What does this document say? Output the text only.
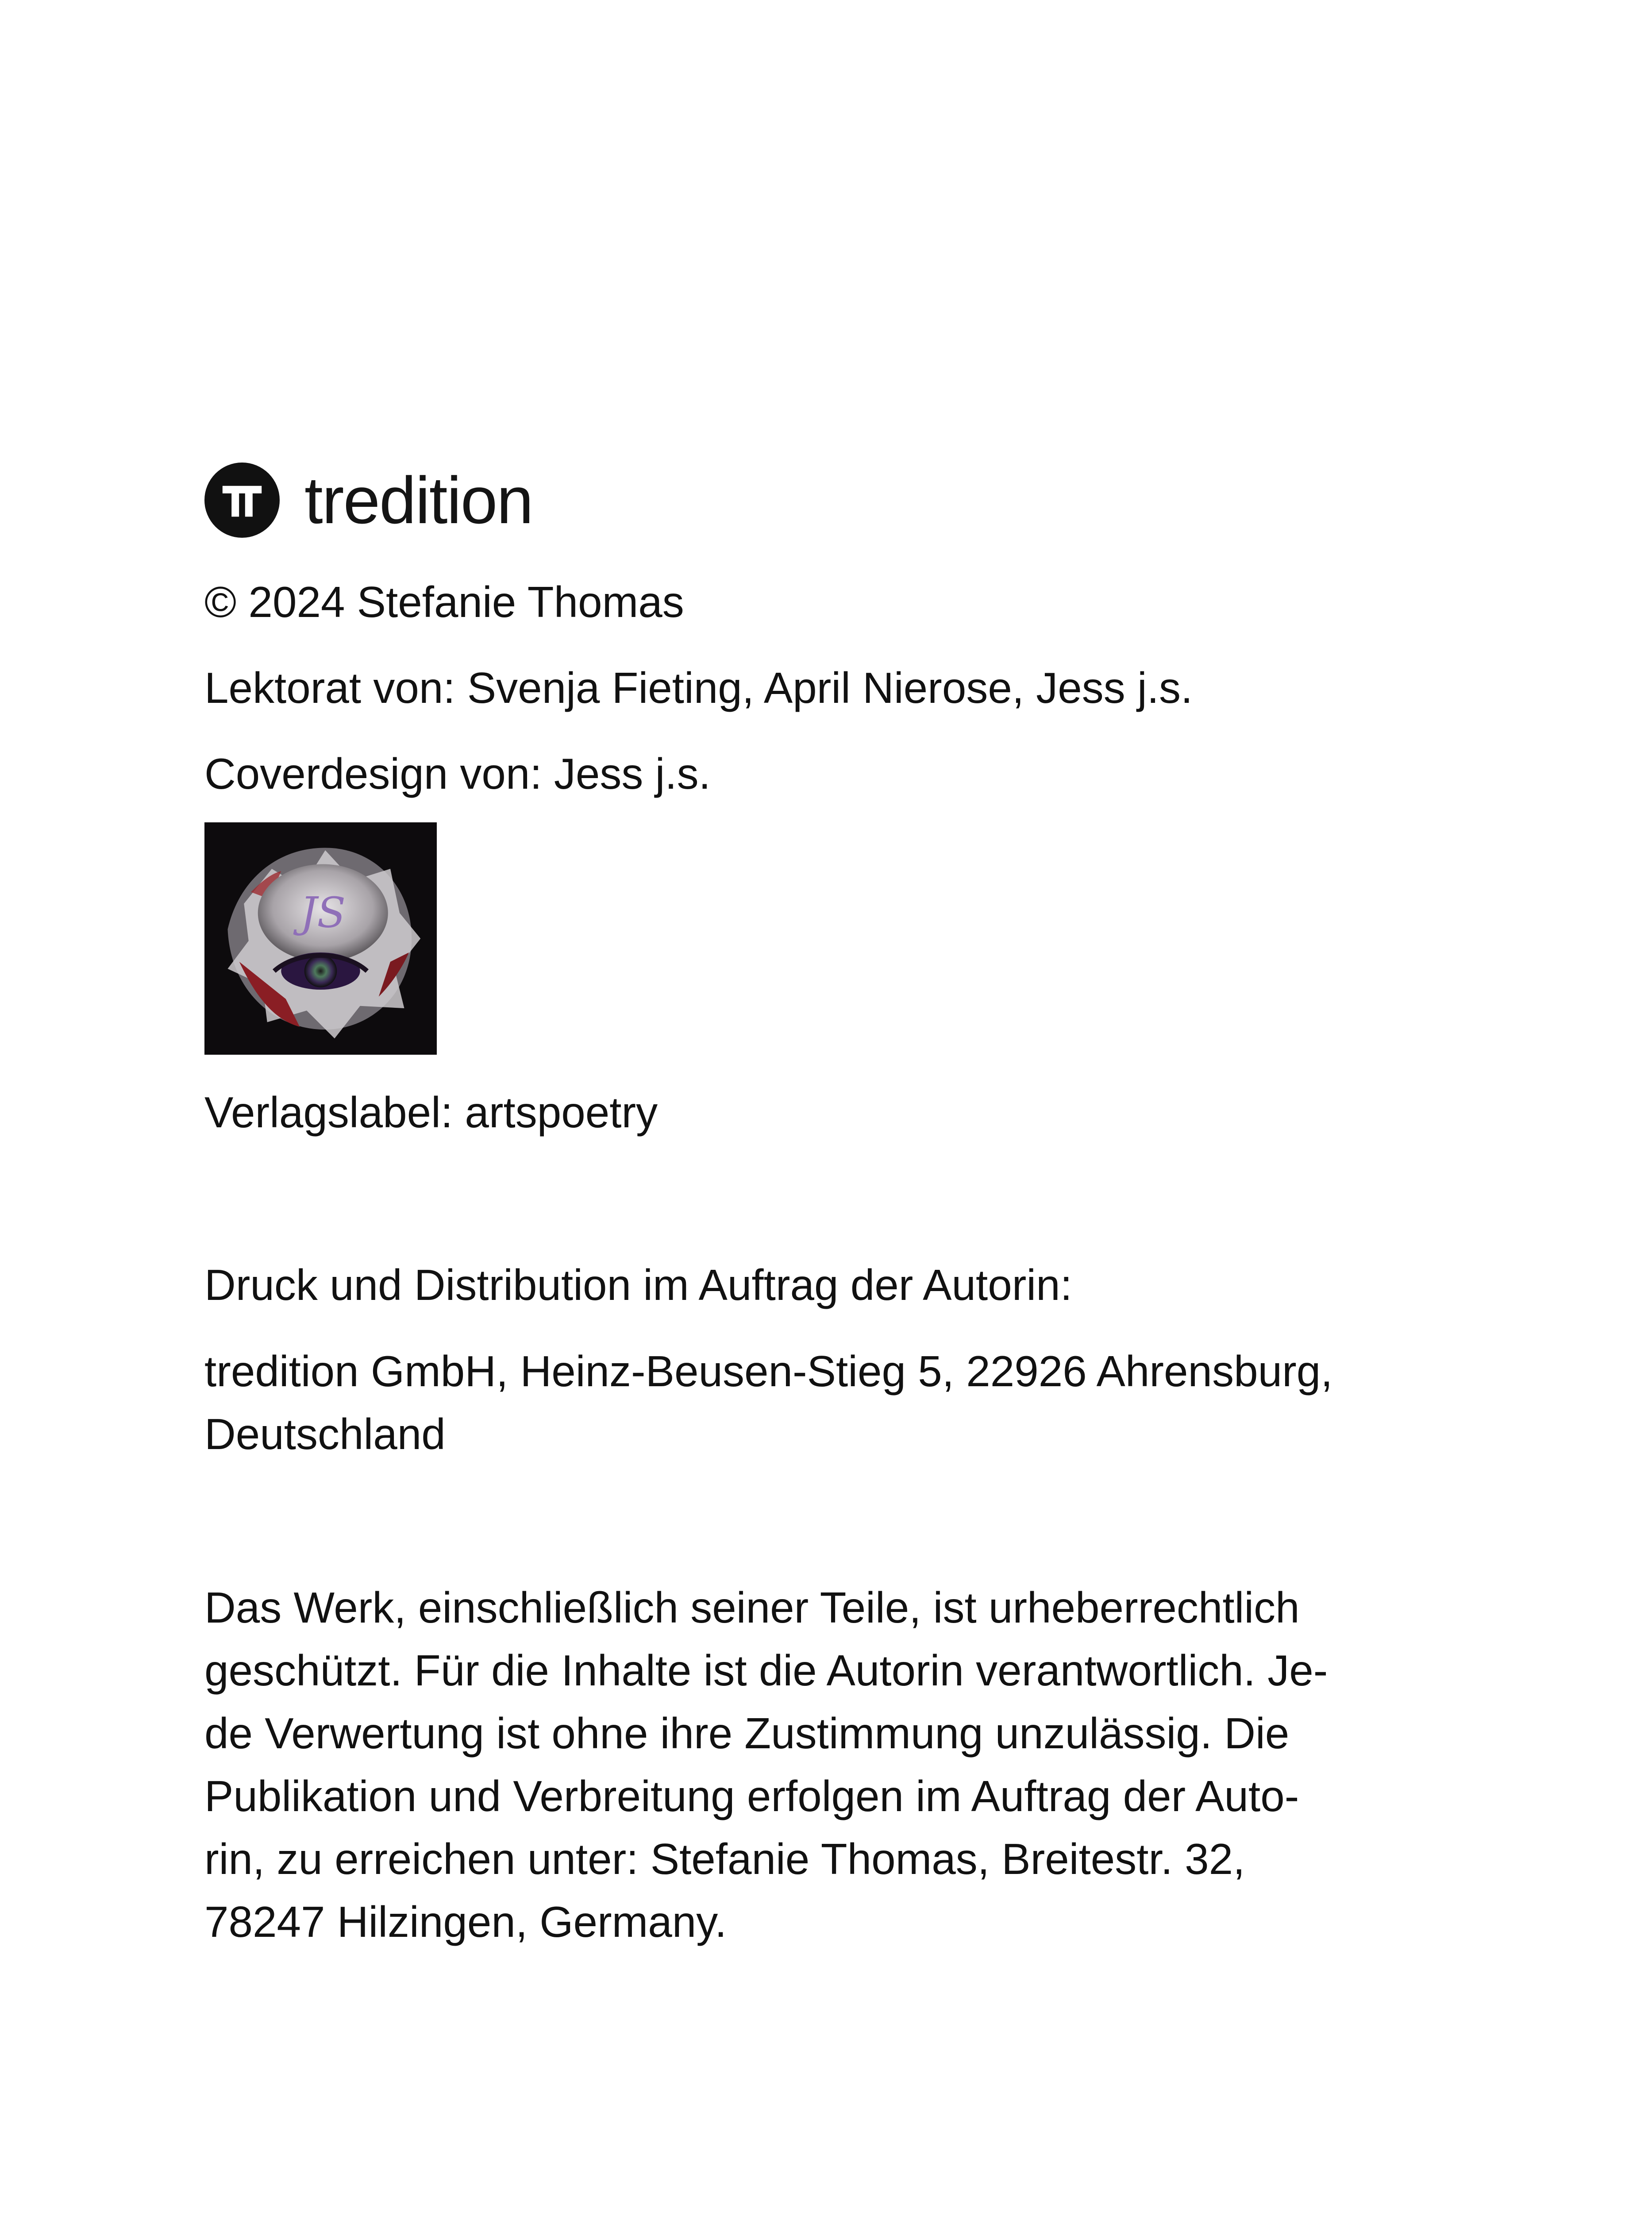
tredition
© 2024 Stefanie Thomas
Lektorat von: Svenja Fieting, April Nierose, Jess j.s.
Coverdesign von: Jess j.s.
JS
Verlagslabel: artspoetry
Druck und Distribution im Auftrag der Autorin:
tredition GmbH, Heinz-Beusen-Stieg 5, 22926 Ahrensburg,
Deutschland
Das Werk, einschließlich seiner Teile, ist urheberrechtlich
geschützt. Für die Inhalte ist die Autorin verantwortlich. Je-
de Verwertung ist ohne ihre Zustimmung unzulässig. Die
Publikation und Verbreitung erfolgen im Auftrag der Auto-
rin, zu erreichen unter: Stefanie Thomas, Breitestr. 32,
78247 Hilzingen, Germany.
